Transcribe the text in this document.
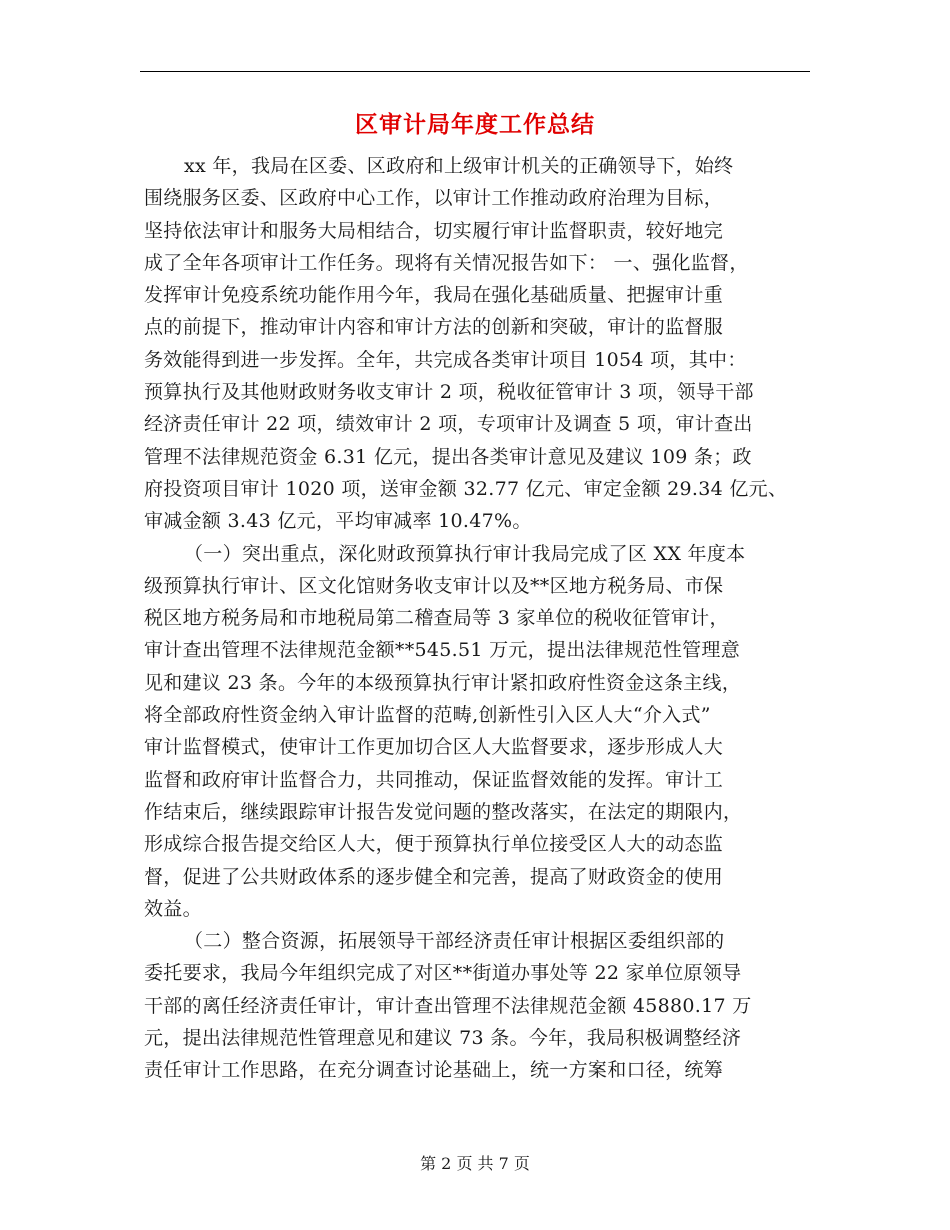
区审计局年度工作总结
xx 年，我局在区委、区政府和上级审计机关的正确领导下，始终
围绕服务区委、区政府中心工作，以审计工作推动政府治理为目标，
坚持依法审计和服务大局相结合，切实履行审计监督职责，较好地完
成了全年各项审计工作任务。现将有关情况报告如下： 一、强化监督，
发挥审计免疫系统功能作用今年，我局在强化基础质量、把握审计重
点的前提下，推动审计内容和审计方法的创新和突破，审计的监督服
务效能得到进一步发挥。全年，共完成各类审计项目 1054 项，其中：
预算执行及其他财政财务收支审计 2 项，税收征管审计 3 项，领导干部
经济责任审计 22 项，绩效审计 2 项，专项审计及调查 5 项，审计查出
管理不法律规范资金 6.31 亿元，提出各类审计意见及建议 109 条；政
府投资项目审计 1020 项，送审金额 32.77 亿元、审定金额 29.34 亿元、
审减金额 3.43 亿元，平均审减率 10.47%。
（一）突出重点，深化财政预算执行审计我局完成了区 XX 年度本
级预算执行审计、区文化馆财务收支审计以及**区地方税务局、市保
税区地方税务局和市地税局第二稽查局等 3 家单位的税收征管审计，
审计查出管理不法律规范金额**545.51 万元，提出法律规范性管理意
见和建议 23 条。今年的本级预算执行审计紧扣政府性资金这条主线，
将全部政府性资金纳入审计监督的范畴,创新性引入区人大“介入式”
审计监督模式，使审计工作更加切合区人大监督要求，逐步形成人大
监督和政府审计监督合力，共同推动，保证监督效能的发挥。审计工
作结束后，继续跟踪审计报告发觉问题的整改落实，在法定的期限内，
形成综合报告提交给区人大，便于预算执行单位接受区人大的动态监
督，促进了公共财政体系的逐步健全和完善，提高了财政资金的使用
效益。
（二）整合资源，拓展领导干部经济责任审计根据区委组织部的
委托要求，我局今年组织完成了对区**街道办事处等 22 家单位原领导
干部的离任经济责任审计，审计查出管理不法律规范金额 45880.17 万
元，提出法律规范性管理意见和建议 73 条。今年，我局积极调整经济
责任审计工作思路，在充分调查讨论基础上，统一方案和口径，统筹
第 2 页 共 7 页
